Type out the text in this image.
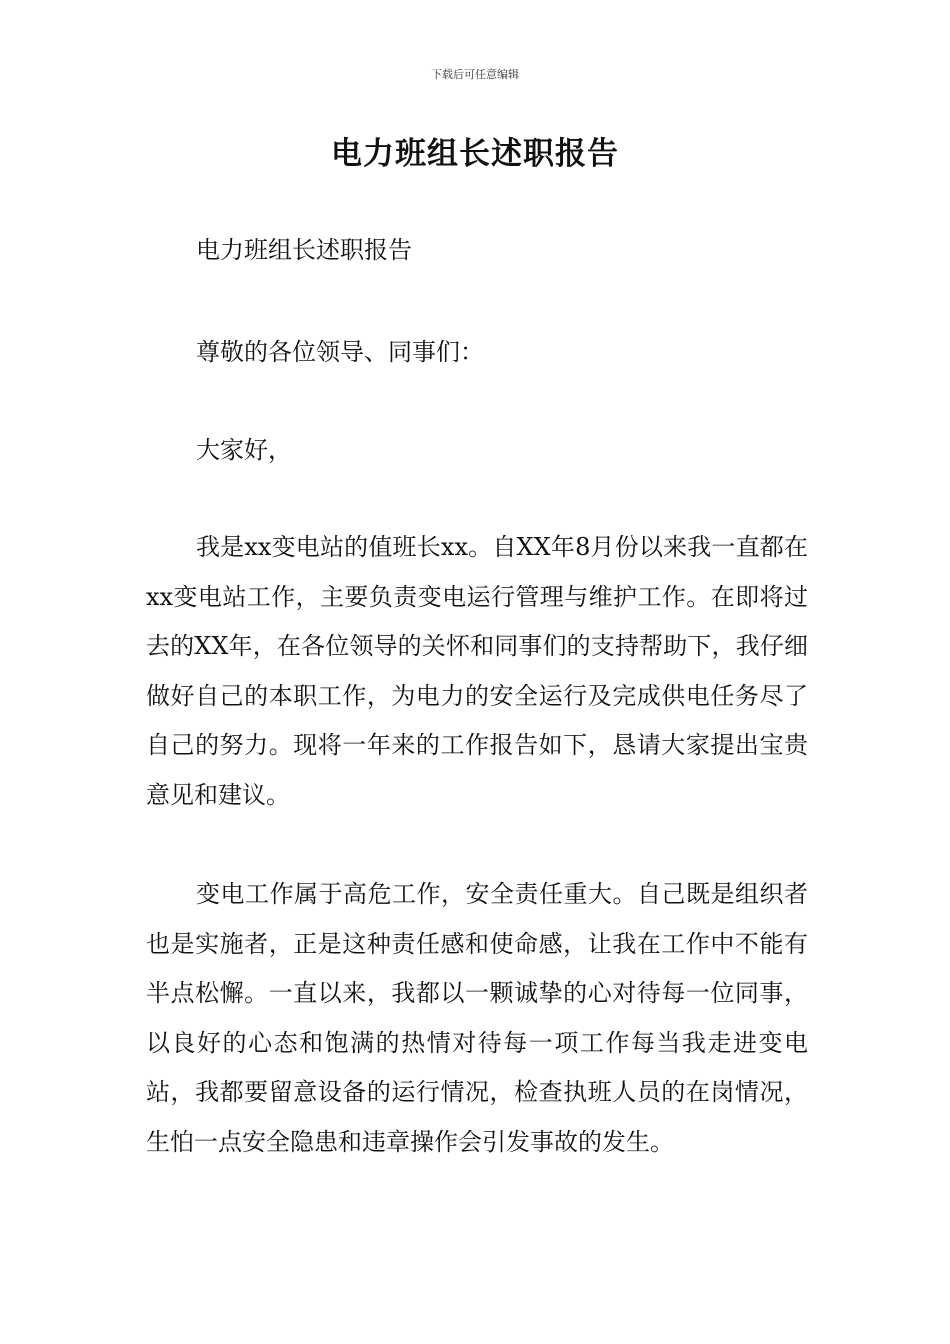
下载后可任意编辑
电力班组长述职报告

电力班组长述职报告

尊敬的各位领导、同事们：

大家好，

我是xx变电站的值班长xx。自XX年8月份以来我一直都在xx变电站工作，主要负责变电运行管理与维护工作。在即将过去的XX年，在各位领导的关怀和同事们的支持帮助下，我仔细做好自己的本职工作，为电力的安全运行及完成供电任务尽了自己的努力。现将一年来的工作报告如下，恳请大家提出宝贵意见和建议。

变电工作属于高危工作，安全责任重大。自己既是组织者也是实施者，正是这种责任感和使命感，让我在工作中不能有半点松懈。一直以来，我都以一颗诚挚的心对待每一位同事，以良好的心态和饱满的热情对待每一项工作每当我走进变电站，我都要留意设备的运行情况，检查执班人员的在岗情况，生怕一点安全隐患和违章操作会引发事故的发生。
